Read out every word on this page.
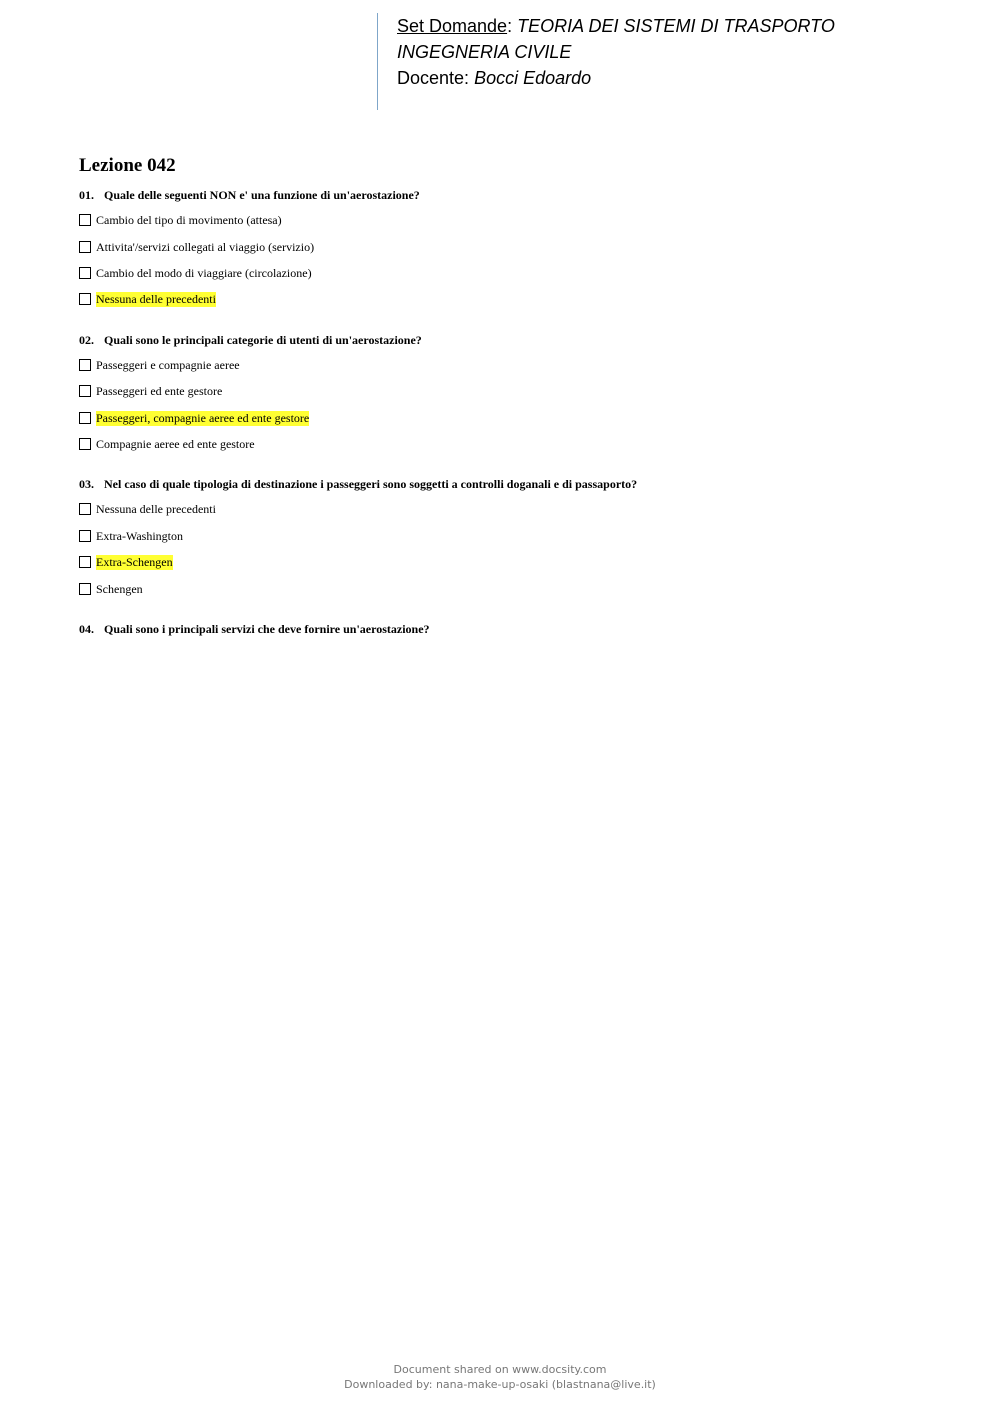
Set Domande: TEORIA DEI SISTEMI DI TRASPORTO
INGEGNERIA CIVILE
Docente: Bocci Edoardo
Lezione 042
01. Quale delle seguenti NON e' una funzione di un'aerostazione?
Cambio del tipo di movimento (attesa)
Attivita'/servizi collegati al viaggio (servizio)
Cambio del modo di viaggiare (circolazione)
Nessuna delle precedenti
02. Quali sono le principali categorie di utenti di un'aerostazione?
Passeggeri e compagnie aeree
Passeggeri ed ente gestore
Passeggeri, compagnie aeree ed ente gestore
Compagnie aeree ed ente gestore
03. Nel caso di quale tipologia di destinazione i passeggeri sono soggetti a controlli doganali e di passaporto?
Nessuna delle precedenti
Extra-Washington
Extra-Schengen
Schengen
04. Quali sono i principali servizi che deve fornire un'aerostazione?
Document shared on www.docsity.com
Downloaded by: nana-make-up-osaki (blastnana@live.it)
